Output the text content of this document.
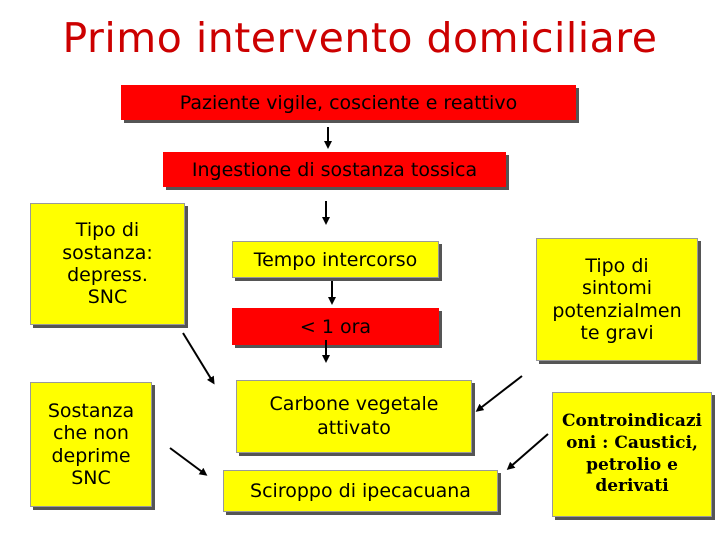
Primo intervento domiciliare
Paziente vigile, cosciente e reattivo
Ingestione di sostanza tossica
< 1 ora
Tipo di
sostanza:
depress.
SNC
Tempo intercorso	Tipo di
sintomi
potenzialmen
te gravi
Sostanza
che non
deprime
SNC
Carbone vegetale
attivato
Sciroppo di ipecacuana
Controindicazi
oni : Caustici,
petrolio e
derivati
